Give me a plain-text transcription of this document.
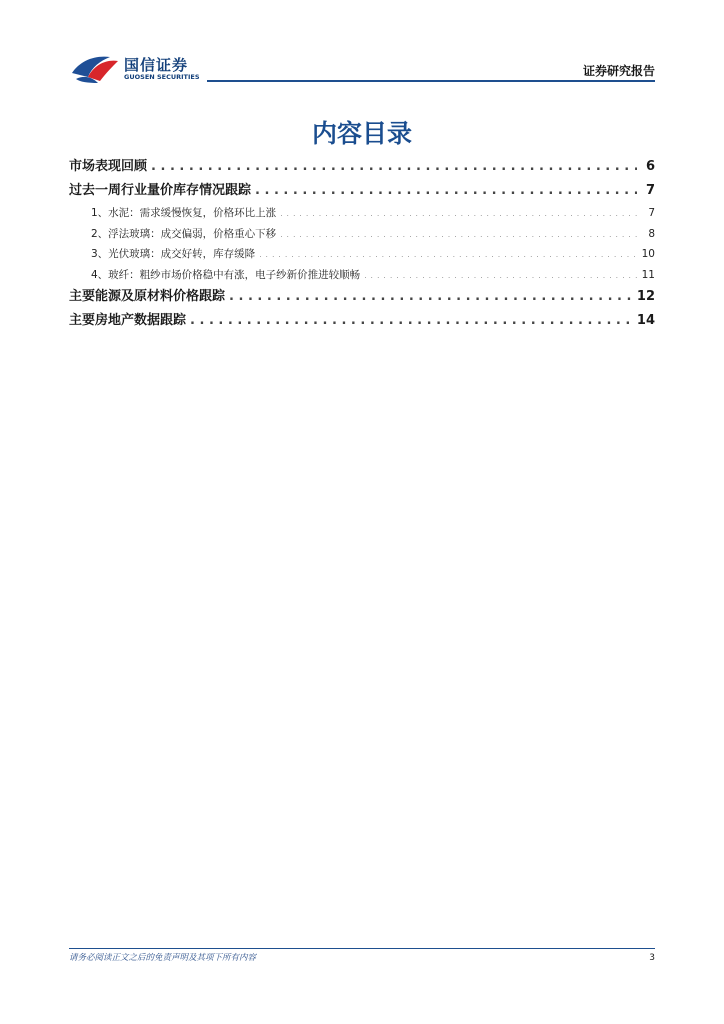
国信证券
GUOSEN SECURITIES	证券研究报告
内容目录
市场表现回顾 . . .	6
过去一周行业量价库存情况跟踪 . . .	7
1、水泥：需求缓慢恢复，价格环比上涨 . . .	7
2、浮法玻璃：成交偏弱，价格重心下移 . . .	8
3、光伏玻璃：成交好转，库存缓降 . . .	10
4、玻纤：粗纱市场价格稳中有涨，电子纱新价推进较顺畅 . . .	11
主要能源及原材料价格跟踪 . . .	12
主要房地产数据跟踪 . . .	14
请务必阅读正文之后的免责声明及其项下所有内容	3
